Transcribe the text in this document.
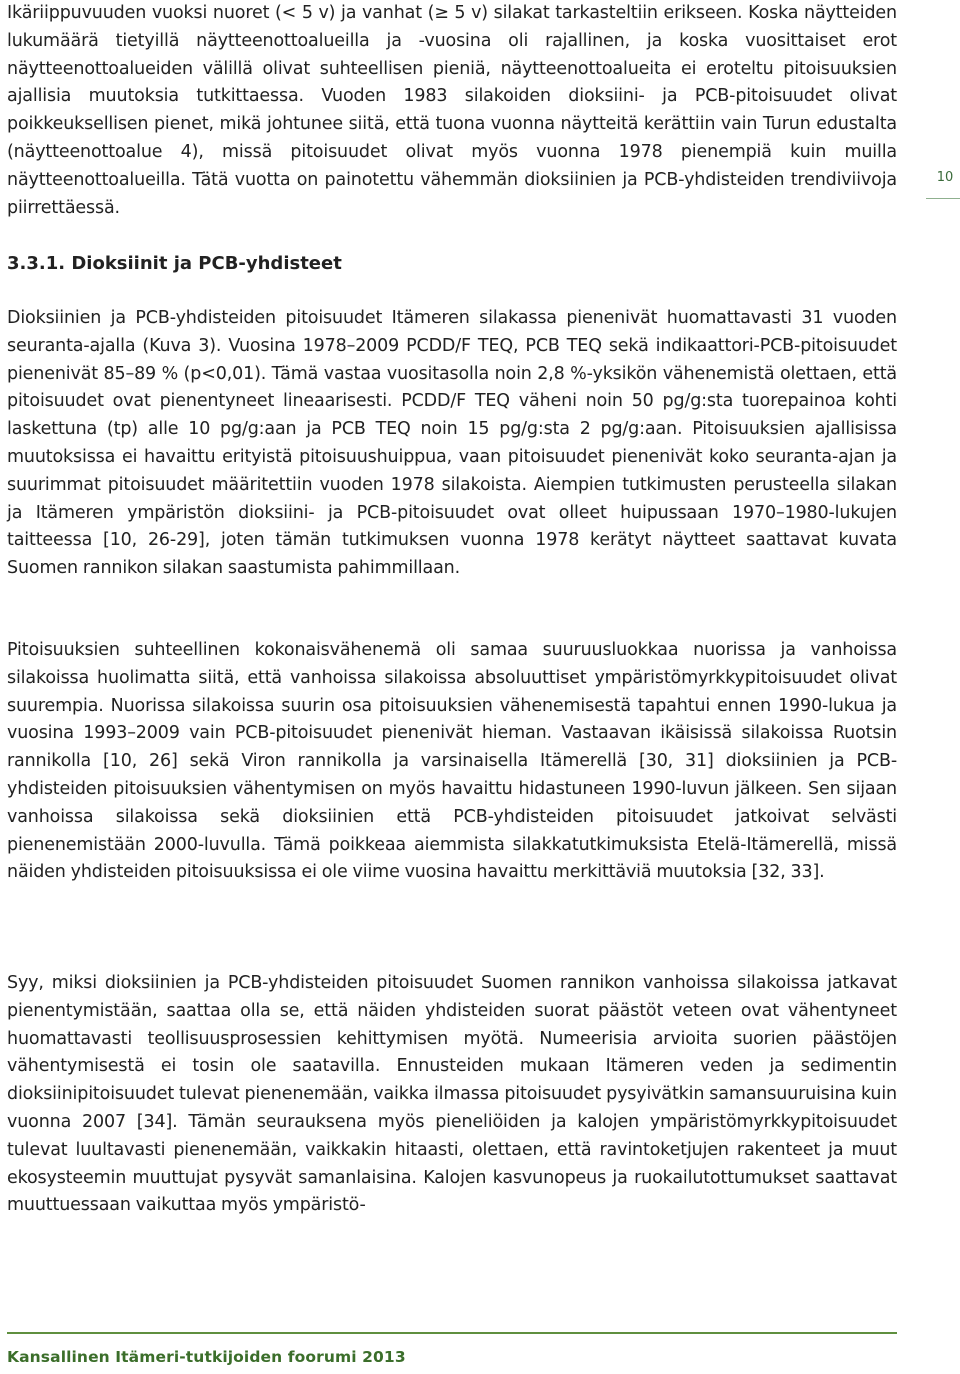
Ikäriippuvuuden vuoksi nuoret (< 5 v) ja vanhat (≥ 5 v) silakat tarkasteltiin erikseen. Koska näytteiden lukumäärä tietyillä näytteenottoalueilla ja -vuosina oli rajallinen, ja koska vuosittaiset erot näytteenottoalueiden välillä olivat suhteellisen pieniä, näytteenottoalueita ei eroteltu pitoisuuksien ajallisia muutoksia tutkittaessa. Vuoden 1983 silakoiden dioksiini- ja PCB-pitoisuudet olivat poikkeuksellisen pienet, mikä johtunee siitä, että tuona vuonna näytteitä kerättiin vain Turun edustalta (näytteenottoalue 4), missä pitoisuudet olivat myös vuonna 1978 pienempiä kuin muilla näytteenottoalueilla. Tätä vuotta on painotettu vähemmän dioksiinien ja PCB-yhdisteiden trendiviivoja piirrettäessä.

10
3.3.1. Dioksiinit ja PCB-yhdisteet

Dioksiinien ja PCB-yhdisteiden pitoisuudet Itämeren silakassa pienenivät huomattavasti 31 vuoden seuranta-ajalla (Kuva 3). Vuosina 1978–2009 PCDD/F TEQ, PCB TEQ sekä indikaattori-PCB-pitoisuudet pienenivät 85–89 % (p<0,01). Tämä vastaa vuositasolla noin 2,8 %-yksikön vähenemistä olettaen, että pitoisuudet ovat pienentyneet lineaarisesti. PCDD/F TEQ väheni noin 50 pg/g:sta tuorepainoa kohti laskettuna (tp) alle 10 pg/g:aan ja PCB TEQ noin 15 pg/g:sta 2 pg/g:aan. Pitoisuuksien ajallisissa muutoksissa ei havaittu erityistä pitoisuushuippua, vaan pitoisuudet pienenivät koko seuranta-ajan ja suurimmat pitoisuudet määritettiin vuoden 1978 silakoista. Aiempien tutkimusten perusteella silakan ja Itämeren ympäristön dioksiini- ja PCB-pitoisuudet ovat olleet huipussaan 1970–1980-lukujen taitteessa [10, 26-29], joten tämän tutkimuksen vuonna 1978 kerätyt näytteet saattavat kuvata Suomen rannikon silakan saastumista pahimmillaan.

Pitoisuuksien suhteellinen kokonaisvähenemä oli samaa suuruusluokkaa nuorissa ja vanhoissa silakoissa huolimatta siitä, että vanhoissa silakoissa absoluuttiset ympäristömyrkkypitoisuudet olivat suurempia. Nuorissa silakoissa suurin osa pitoisuuksien vähenemisestä tapahtui ennen 1990-lukua ja vuosina 1993–2009 vain PCB-pitoisuudet pienenivät hieman. Vastaavan ikäisissä silakoissa Ruotsin rannikolla [10, 26] sekä Viron rannikolla ja varsinaisella Itämerellä [30, 31] dioksiinien ja PCB-yhdisteiden pitoisuuksien vähentymisen on myös havaittu hidastuneen 1990-luvun jälkeen. Sen sijaan vanhoissa silakoissa sekä dioksiinien että PCB-yhdisteiden pitoisuudet jatkoivat selvästi pienenemistään 2000-luvulla. Tämä poikkeaa aiemmista silakkatutkimuksista Etelä-Itämerellä, missä näiden yhdisteiden pitoisuuksissa ei ole viime vuosina havaittu merkittäviä muutoksia [32, 33].

Syy, miksi dioksiinien ja PCB-yhdisteiden pitoisuudet Suomen rannikon vanhoissa silakoissa jatkavat pienentymistään, saattaa olla se, että näiden yhdisteiden suorat päästöt veteen ovat vähentyneet huomattavasti teollisuusprosessien kehittymisen myötä. Numeerisia arvioita suorien päästöjen vähentymisestä ei tosin ole saatavilla. Ennusteiden mukaan Itämeren veden ja sedimentin dioksiinipitoisuudet tulevat pienenemään, vaikka ilmassa pitoisuudet pysyivätkin samansuuruisina kuin vuonna 2007 [34]. Tämän seurauksena myös pieneliöiden ja kalojen ympäristömyrkkypitoisuudet tulevat luultavasti pienenemään, vaikkakin hitaasti, olettaen, että ravintoketjujen rakenteet ja muut ekosysteemin muuttujat pysyvät samanlaisina. Kalojen kasvunopeus ja ruokailutottumukset saattavat muuttuessaan vaikuttaa myös ympäristö-

Kansallinen Itämeri-tutkijoiden foorumi 2013
